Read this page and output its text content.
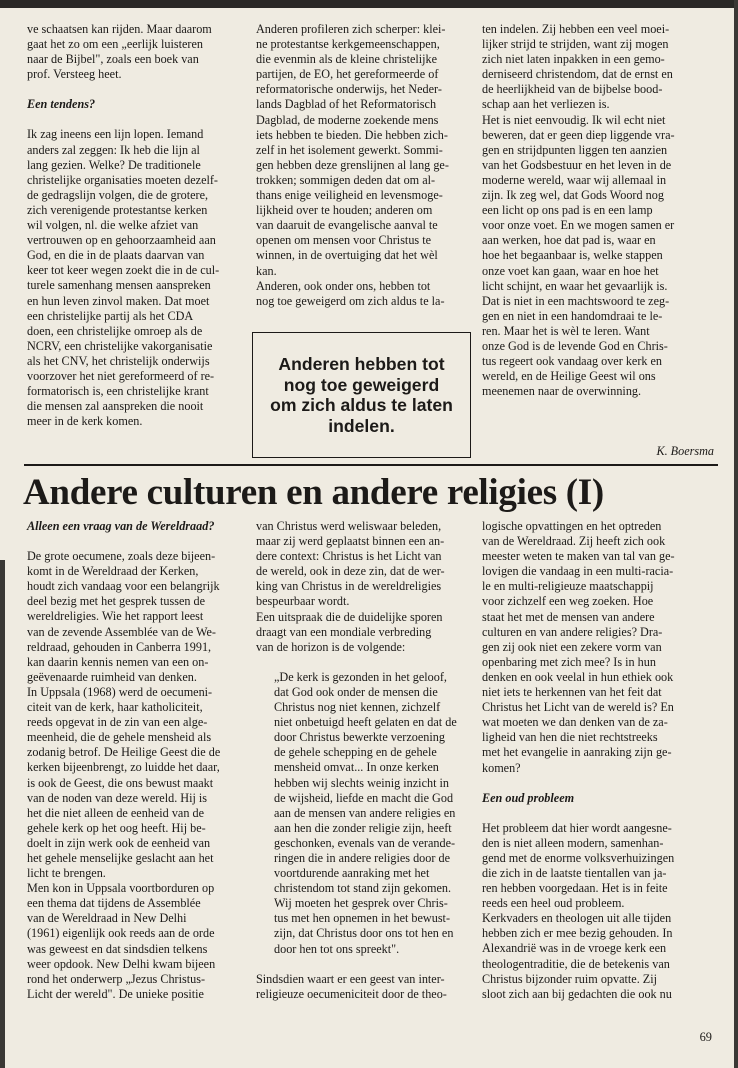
ve schaatsen kan rijden. Maar daarom
gaat het zo om een „eerlijk luisteren
naar de Bijbel", zoals een boek van
prof. Versteeg heet.

Een tendens?

Ik zag ineens een lijn lopen. Iemand
anders zal zeggen: Ik heb die lijn al
lang gezien. Welke? De traditionele
christelijke organisaties moeten dezelf-
de gedragslijn volgen, die de grotere,
zich verenigende protestantse kerken
wil volgen, nl. die welke afziet van
vertrouwen op en gehoorzaamheid aan
God, en die in de plaats daarvan van
keer tot keer wegen zoekt die in de cul-
turele samenhang mensen aanspreken
en hun leven zinvol maken. Dat moet
een christelijke partij als het CDA
doen, een christelijke omroep als de
NCRV, een christelijke vakorganisatie
als het CNV, het christelijk onderwijs
voorzover het niet gereformeerd of re-
formatorisch is, een christelijke krant
die mensen zal aanspreken die nooit
meer in de kerk komen.

Anderen profileren zich scherper: klei-
ne protestantse kerkgemeenschappen,
die evenmin als de kleine christelijke
partijen, de EO, het gereformeerde of
reformatorische onderwijs, het Neder-
lands Dagblad of het Reformatorisch
Dagblad, de moderne zoekende mens
iets hebben te bieden. Die hebben zich-
zelf in het isolement gewerkt. Sommi-
gen hebben deze grenslijnen al lang ge-
trokken; sommigen deden dat om al-
thans enige veiligheid en levensmoge-
lijkheid over te houden; anderen om
van daaruit de evangelische aanval te
openen om mensen voor Christus te
winnen, in de overtuiging dat het wèl
kan.

Anderen, ook onder ons, hebben tot
nog toe geweigerd om zich aldus te la-

Anderen hebben tot
nog toe geweigerd
om zich aldus te laten
indelen.

ten indelen. Zij hebben een veel moei-
lijker strijd te strijden, want zij mogen
zich niet laten inpakken in een gemo-
derniseerd christendom, dat de ernst en
de heerlijkheid van de bijbelse bood-
schap aan het verliezen is.
Het is niet eenvoudig. Ik wil echt niet
beweren, dat er geen diep liggende vra-
gen en strijdpunten liggen ten aanzien
van het Godsbestuur en het leven in de
moderne wereld, waar wij allemaal in
zijn. Ik zeg wel, dat Gods Woord nog
een licht op ons pad is en een lamp
voor onze voet. En we mogen samen er
aan werken, hoe dat pad is, waar en
hoe het begaanbaar is, welke stappen
onze voet kan gaan, waar en hoe het
licht schijnt, en waar het gevaarlijk is.
Dat is niet in een machtswoord te zeg-
gen en niet in een handomdraai te le-
ren. Maar het is wèl te leren. Want
onze God is de levende God en Chris-
tus regeert ook vandaag over kerk en
wereld, en de Heilige Geest wil ons
meenemen naar de overwinning.

K. Boersma
Andere culturen en andere religies (I)

Alleen een vraag van de Wereldraad?

De grote oecumene, zoals deze bijeen-
komt in de Wereldraad der Kerken,
houdt zich vandaag voor een belangrijk
deel bezig met het gesprek tussen de
wereldreligies. Wie het rapport leest
van de zevende Assemblée van de We-
reldraad, gehouden in Canberra 1991,
kan daarin kennis nemen van een on-
geëvenaarde ruimheid van denken.
In Uppsala (1968) werd de oecumeni-
citeit van de kerk, haar katholiciteit,
reeds opgevat in de zin van een alge-
meenheid, die de gehele mensheid als
zodanig betrof. De Heilige Geest die de
kerken bijeenbrengt, zo luidde het daar,
is ook de Geest, die ons bewust maakt
van de noden van deze wereld. Hij is
het die niet alleen de eenheid van de
gehele kerk op het oog heeft. Hij be-
doelt in zijn werk ook de eenheid van
het gehele menselijke geslacht aan het
licht te brengen.
Men kon in Uppsala voortborduren op
een thema dat tijdens de Assemblée
van de Wereldraad in New Delhi
(1961) eigenlijk ook reeds aan de orde
was geweest en dat sindsdien telkens
weer opdook. New Delhi kwam bijeen
rond het onderwerp „Jezus Christus-
Licht der wereld". De unieke positie

van Christus werd weliswaar beleden,
maar zij werd geplaatst binnen een an-
dere context: Christus is het Licht van
de wereld, ook in deze zin, dat de wer-
king van Christus in de wereldreligies
bespeurbaar wordt.
Een uitspraak die de duidelijke sporen
draagt van een mondiale verbreding
van de horizon is de volgende:

„De kerk is gezonden in het geloof,
dat God ook onder de mensen die
Christus nog niet kennen, zichzelf
niet onbetuigd heeft gelaten en dat de
door Christus bewerkte verzoening
de gehele schepping en de gehele
mensheid omvat... In onze kerken
hebben wij slechts weinig inzicht in
de wijsheid, liefde en macht die God
aan de mensen van andere religies en
aan hen die zonder religie zijn, heeft
geschonken, evenals van de verande-
ringen die in andere religies door de
voortdurende aanraking met het
christendom tot stand zijn gekomen.
Wij moeten het gesprek over Chris-
tus met hen opnemen in het bewust-
zijn, dat Christus door ons tot hen en
door hen tot ons spreekt".

Sindsdien waart er een geest van inter-
religieuze oecumeniciteit door de theo-

logische opvattingen en het optreden
van de Wereldraad. Zij heeft zich ook
meester weten te maken van tal van ge-
lovigen die vandaag in een multi-racia-
le en multi-religieuze maatschappij
voor zichzelf een weg zoeken. Hoe
staat het met de mensen van andere
culturen en van andere religies? Dra-
gen zij ook niet een zekere vorm van
openbaring met zich mee? Is in hun
denken en ook veelal in hun ethiek ook
niet iets te herkennen van het feit dat
Christus het Licht van de wereld is? En
wat moeten we dan denken van de za-
ligheid van hen die niet rechtstreeks
met het evangelie in aanraking zijn ge-
komen?

Een oud probleem

Het probleem dat hier wordt aangesne-
den is niet alleen modern, samenhan-
gend met de enorme volksverhuizingen
die zich in de laatste tientallen van ja-
ren hebben voorgedaan. Het is in feite
reeds een heel oud probleem.
Kerkvaders en theologen uit alle tijden
hebben zich er mee bezig gehouden. In
Alexandrië was in de vroege kerk een
theologentraditie, die de betekenis van
Christus bijzonder ruim opvatte. Zij
sloot zich aan bij gedachten die ook nu

69
